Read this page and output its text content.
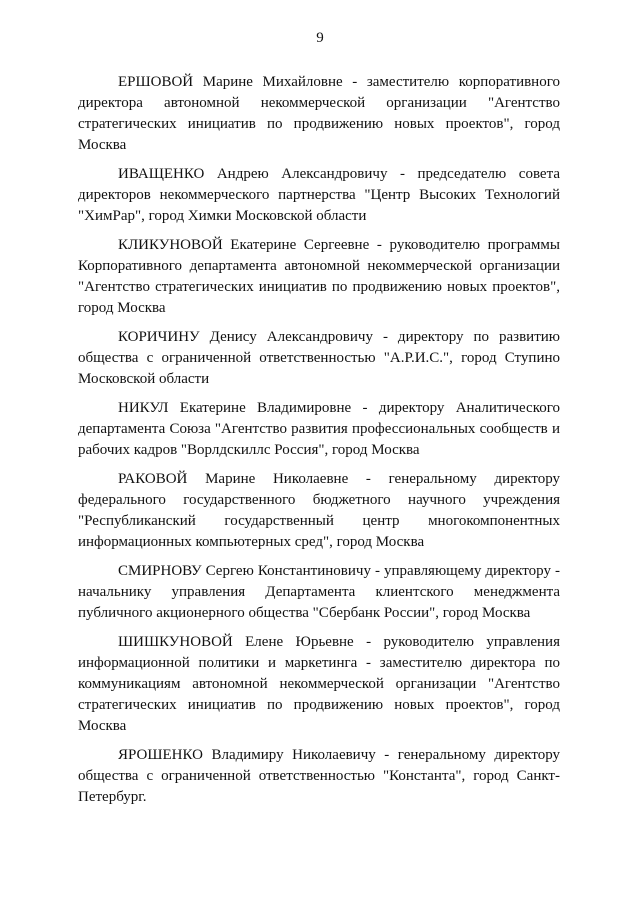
9

ЕРШОВОЙ Марине Михайловне - заместителю корпоративного директора автономной некоммерческой организации "Агентство стратегических инициатив по продвижению новых проектов", город Москва

ИВАЩЕНКО Андрею Александровичу - председателю совета директоров некоммерческого партнерства "Центр Высоких Технологий "ХимРар", город Химки Московской области

КЛИКУНОВОЙ Екатерине Сергеевне - руководителю программы Корпоративного департамента автономной некоммерческой организации "Агентство стратегических инициатив по продвижению новых проектов", город Москва

КОРИЧИНУ Денису Александровичу - директору по развитию общества с ограниченной ответственностью "А.Р.И.С.", город Ступино Московской области

НИКУЛ Екатерине Владимировне - директору Аналитического департамента Союза "Агентство развития профессиональных сообществ и рабочих кадров "Ворлдскиллс Россия", город Москва

РАКОВОЙ Марине Николаевне - генеральному директору федерального государственного бюджетного научного учреждения "Республиканский государственный центр многокомпонентных информационных компьютерных сред", город Москва

СМИРНОВУ Сергею Константиновичу - управляющему директору - начальнику управления Департамента клиентского менеджмента публичного акционерного общества "Сбербанк России", город Москва

ШИШКУНОВОЙ Елене Юрьевне - руководителю управления информационной политики и маркетинга - заместителю директора по коммуникациям автономной некоммерческой организации "Агентство стратегических инициатив по продвижению новых проектов", город Москва

ЯРОШЕНКО Владимиру Николаевичу - генеральному директору общества с ограниченной ответственностью "Константа", город Санкт-Петербург.
